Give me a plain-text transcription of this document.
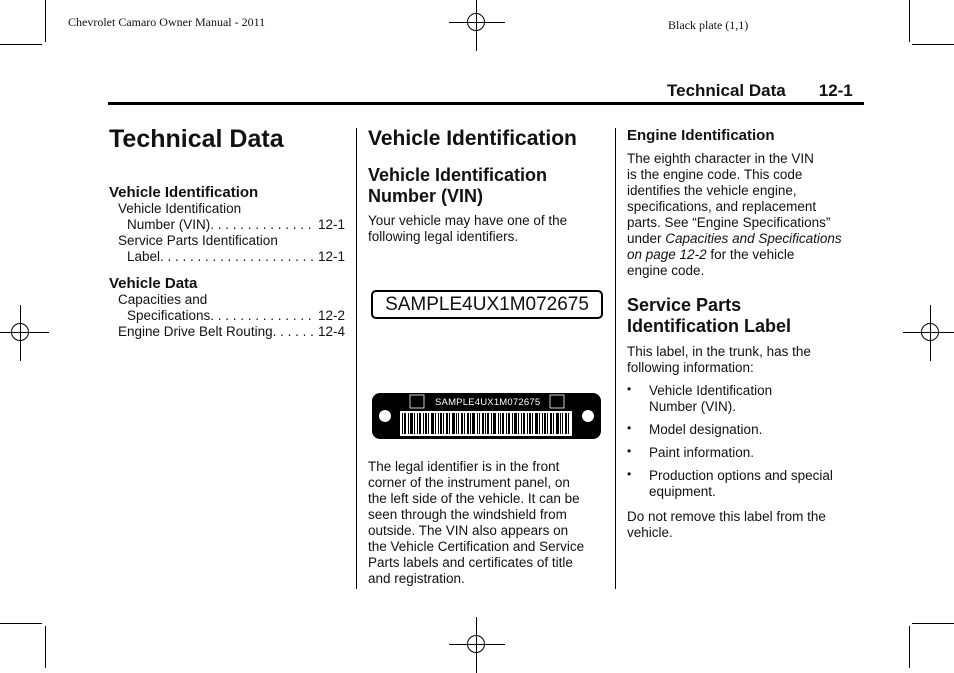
Chevrolet Camaro Owner Manual - 2011	Black plate (1,1)
Technical Data 12-1
Technical Data
Vehicle Identification
Vehicle Identification
Number (VIN) . . .	12-1
Service Parts Identification
Label . . .	12-1
Vehicle Data
Capacities and
Specifications . . .	12-2
Engine Drive Belt Routing . . .	12-4
Vehicle Identification
Vehicle Identification
Number (VIN)
Your vehicle may have one of the
following legal identifiers.
SAMPLE4UX1M072675
SAMPLE4UX1M072675
The legal identifier is in the front
corner of the instrument panel, on
the left side of the vehicle. It can be
seen through the windshield from
outside. The VIN also appears on
the Vehicle Certification and Service
Parts labels and certificates of title
and registration.
Engine Identification
The eighth character in the VIN
is the engine code. This code
identifies the vehicle engine,
specifications, and replacement
parts. See “Engine Specifications”
under Capacities and Specifications
on page 12-2 for the vehicle
engine code.
Service Parts
Identification Label
This label, in the trunk, has the
following information:
• Vehicle Identification
Number (VIN).
• Model designation.
• Paint information.
• Production options and special
equipment.
Do not remove this label from the
vehicle.
